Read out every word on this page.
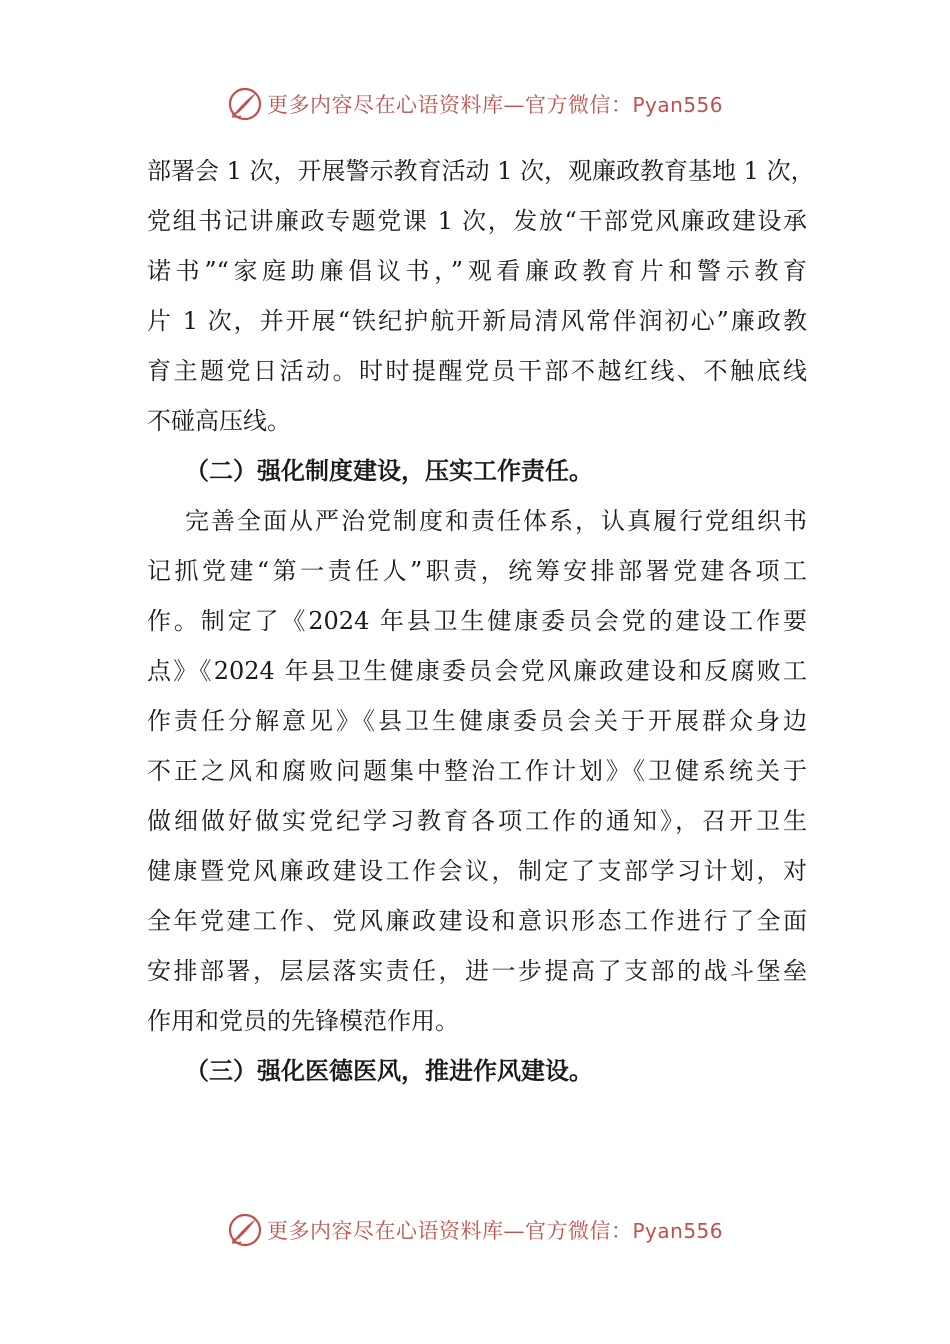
更多内容尽在心语资料库—官方微信：Pyan556
部署会 1 次，开展警示教育活动 1 次，观廉政教育基地 1 次，
党组书记讲廉政专题党课 1 次，发放“干部党风廉政建设承
诺书”“家庭助廉倡议书，”观看廉政教育片和警示教育
片 1 次，并开展“铁纪护航开新局清风常伴润初心”廉政教
育主题党日活动。时时提醒党员干部不越红线、不触底线
不碰高压线。
（二）强化制度建设，压实工作责任。
完善全面从严治党制度和责任体系，认真履行党组织书
记抓党建“第一责任人”职责，统筹安排部署党建各项工
作。制定了《2024 年县卫生健康委员会党的建设工作要
点》《2024 年县卫生健康委员会党风廉政建设和反腐败工
作责任分解意见》《县卫生健康委员会关于开展群众身边
不正之风和腐败问题集中整治工作计划》《卫健系统关于
做细做好做实党纪学习教育各项工作的通知》，召开卫生
健康暨党风廉政建设工作会议，制定了支部学习计划，对
全年党建工作、党风廉政建设和意识形态工作进行了全面
安排部署，层层落实责任，进一步提高了支部的战斗堡垒
作用和党员的先锋模范作用。
（三）强化医德医风，推进作风建设。
更多内容尽在心语资料库—官方微信：Pyan556
